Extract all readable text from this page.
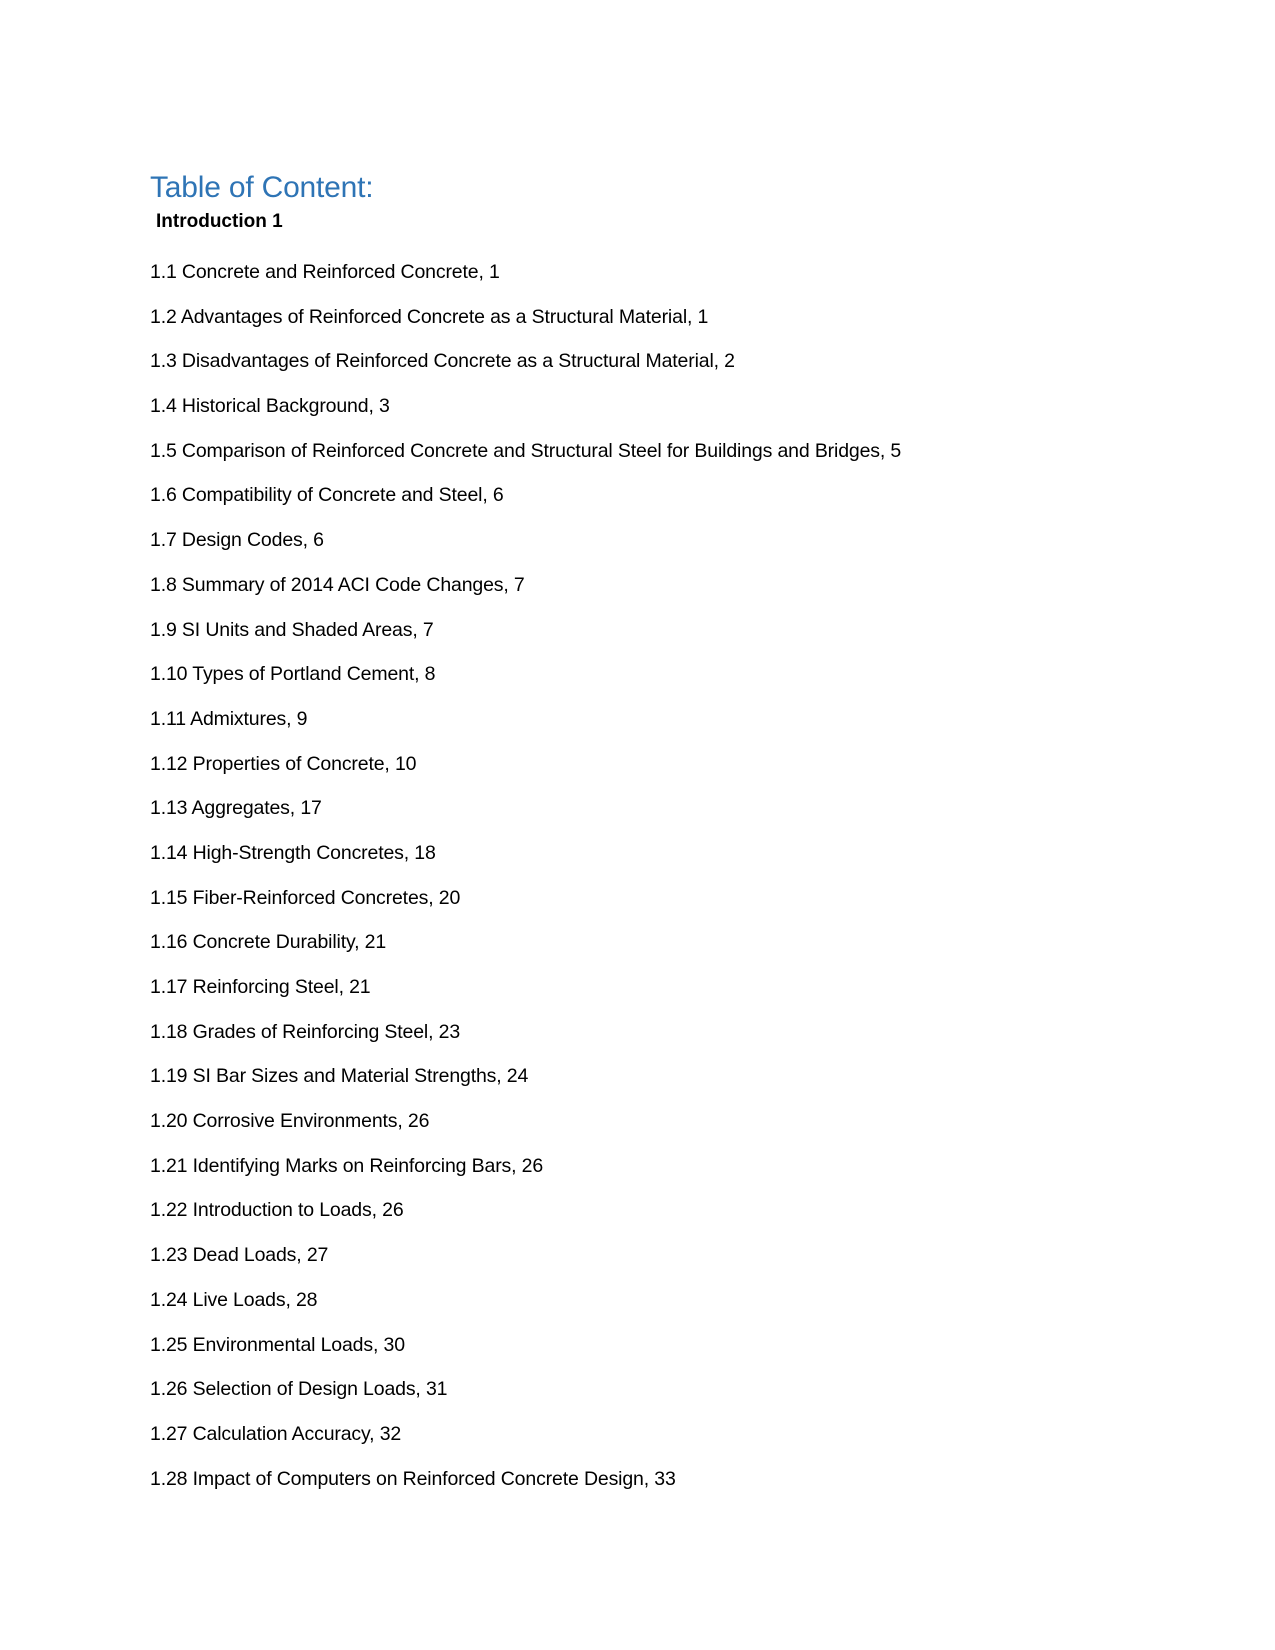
Table of Content:
Introduction 1
1.1 Concrete and Reinforced Concrete, 1
1.2 Advantages of Reinforced Concrete as a Structural Material, 1
1.3 Disadvantages of Reinforced Concrete as a Structural Material, 2
1.4 Historical Background, 3
1.5 Comparison of Reinforced Concrete and Structural Steel for Buildings and Bridges, 5
1.6 Compatibility of Concrete and Steel, 6
1.7 Design Codes, 6
1.8 Summary of 2014 ACI Code Changes, 7
1.9 SI Units and Shaded Areas, 7
1.10 Types of Portland Cement, 8
1.11 Admixtures, 9
1.12 Properties of Concrete, 10
1.13 Aggregates, 17
1.14 High-Strength Concretes, 18
1.15 Fiber-Reinforced Concretes, 20
1.16 Concrete Durability, 21
1.17 Reinforcing Steel, 21
1.18 Grades of Reinforcing Steel, 23
1.19 SI Bar Sizes and Material Strengths, 24
1.20 Corrosive Environments, 26
1.21 Identifying Marks on Reinforcing Bars, 26
1.22 Introduction to Loads, 26
1.23 Dead Loads, 27
1.24 Live Loads, 28
1.25 Environmental Loads, 30
1.26 Selection of Design Loads, 31
1.27 Calculation Accuracy, 32
1.28 Impact of Computers on Reinforced Concrete Design, 33
